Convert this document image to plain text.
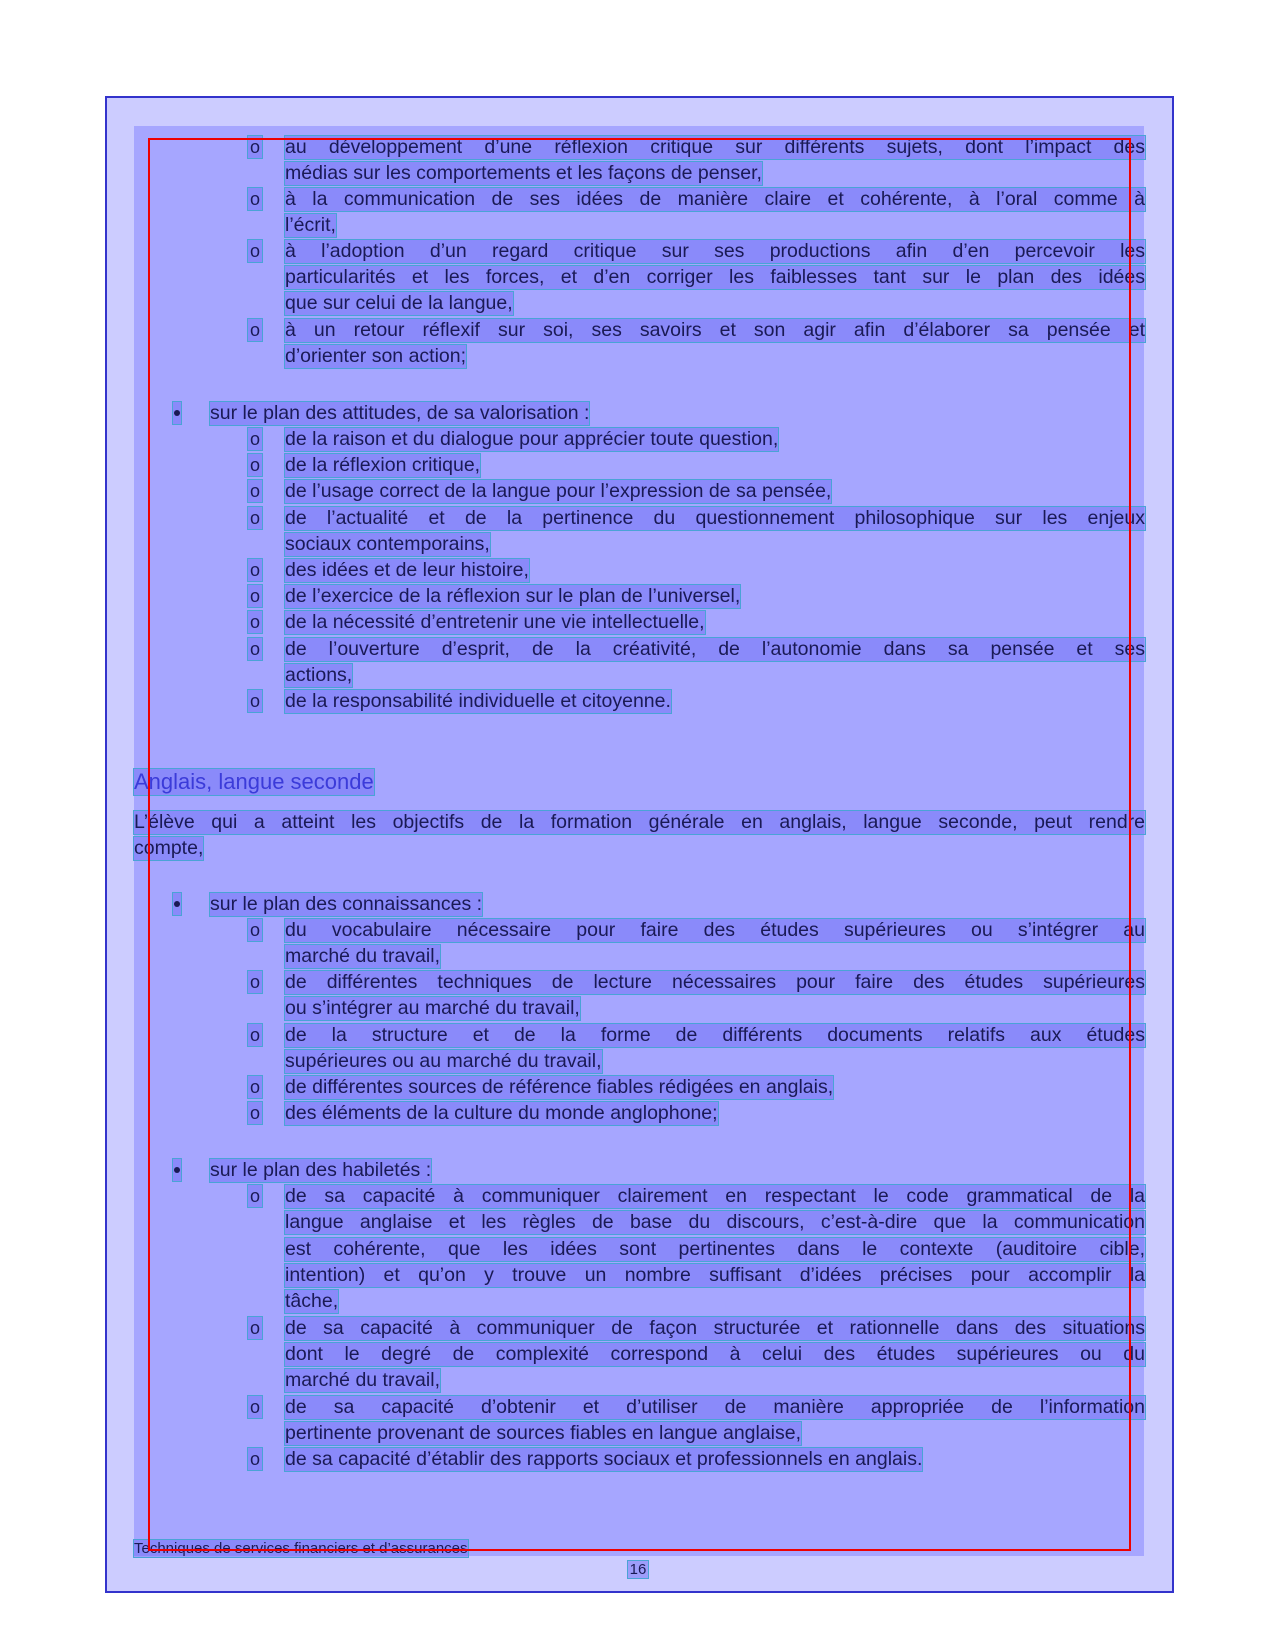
o au développement d’une réflexion critique sur différents sujets, dont l’impact des
médias sur les comportements et les façons de penser,
o à la communication de ses idées de manière claire et cohérente, à l’oral comme à
l’écrit,
o à l’adoption d’un regard critique sur ses productions afin d’en percevoir les
particularités et les forces, et d’en corriger les faiblesses tant sur le plan des idées
que sur celui de la langue,
o à un retour réflexif sur soi, ses savoirs et son agir afin d’élaborer sa pensée et
d’orienter son action;
sur le plan des attitudes, de sa valorisation :
o de la raison et du dialogue pour apprécier toute question,
o de la réflexion critique,
o de l’usage correct de la langue pour l’expression de sa pensée,
o de l’actualité et de la pertinence du questionnement philosophique sur les enjeux
sociaux contemporains,
o des idées et de leur histoire,
o de l’exercice de la réflexion sur le plan de l’universel,
o de la nécessité d’entretenir une vie intellectuelle,
o de l’ouverture d’esprit, de la créativité, de l’autonomie dans sa pensée et ses
actions,
o de la responsabilité individuelle et citoyenne.
Anglais, langue seconde
L’élève qui a atteint les objectifs de la formation générale en anglais, langue seconde, peut rendre
compte,
sur le plan des connaissances :
o du vocabulaire nécessaire pour faire des études supérieures ou s’intégrer au
marché du travail,
o de différentes techniques de lecture nécessaires pour faire des études supérieures
ou s’intégrer au marché du travail,
o de la structure et de la forme de différents documents relatifs aux études
supérieures ou au marché du travail,
o de différentes sources de référence fiables rédigées en anglais,
o des éléments de la culture du monde anglophone;
sur le plan des habiletés :
o de sa capacité à communiquer clairement en respectant le code grammatical de la
langue anglaise et les règles de base du discours, c’est-à-dire que la communication
est cohérente, que les idées sont pertinentes dans le contexte (auditoire cible,
intention) et qu’on y trouve un nombre suffisant d’idées précises pour accomplir la
tâche,
o de sa capacité à communiquer de façon structurée et rationnelle dans des situations
dont le degré de complexité correspond à celui des études supérieures ou du
marché du travail,
o de sa capacité d’obtenir et d’utiliser de manière appropriée de l’information
pertinente provenant de sources fiables en langue anglaise,
o de sa capacité d’établir des rapports sociaux et professionnels en anglais.
Techniques de services financiers et d’assurances
16
